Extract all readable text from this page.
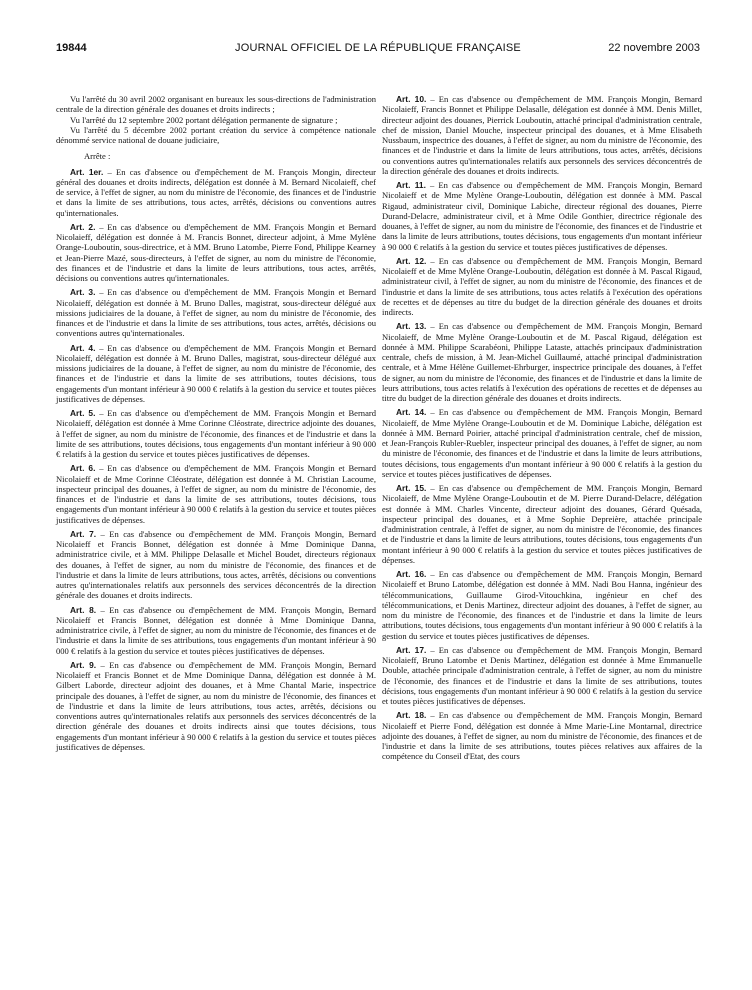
19844	JOURNAL OFFICIEL DE LA RÉPUBLIQUE FRANÇAISE	22 novembre 2003

Vu l'arrêté du 30 avril 2002 organisant en bureaux les sous-directions de l'administration centrale de la direction générale des douanes et droits indirects ;

Vu l'arrêté du 12 septembre 2002 portant délégation permanente de signature ;

Vu l'arrêté du 5 décembre 2002 portant création du service à compétence nationale dénommé service national de douane judiciaire,

Arrête :

Art. 1er. – En cas d'absence ou d'empêchement de M. François Mongin, directeur général des douanes et droits indirects, délégation est donnée à M. Bernard Nicolaieff, chef de service, à l'effet de signer, au nom du ministre de l'économie, des finances et de l'industrie et dans la limite de ses attributions, tous actes, arrêtés, décisions ou conventions autres qu'internationales.

Art. 2. – En cas d'absence ou d'empêchement de MM. François Mongin et Bernard Nicolaieff, délégation est donnée à M. Francis Bonnet, directeur adjoint, à Mme Mylène Orange-Louboutin, sous-directrice, et à MM. Bruno Latombe, Pierre Fond, Philippe Kearney et Jean-Pierre Mazé, sous-directeurs, à l'effet de signer, au nom du ministre de l'économie, des finances et de l'industrie et dans la limite de leurs attributions, tous actes, arrêtés, décisions ou conventions autres qu'internationales.

Art. 3. – En cas d'absence ou d'empêchement de MM. François Mongin et Bernard Nicolaieff, délégation est donnée à M. Bruno Dalles, magistrat, sous-directeur délégué aux missions judiciaires de la douane, à l'effet de signer, au nom du ministre de l'économie, des finances et de l'industrie et dans la limite de ses attributions, tous actes, arrêtés, décisions ou conventions autres qu'internationales.

Art. 4. – En cas d'absence ou d'empêchement de MM. François Mongin et Bernard Nicolaieff, délégation est donnée à M. Bruno Dalles, magistrat, sous-directeur délégué aux missions judiciaires de la douane, à l'effet de signer, au nom du ministre de l'économie, des finances et de l'industrie et dans la limite de ses attributions, toutes décisions, tous engagements d'un montant inférieur à 90 000 € relatifs à la gestion du service et toutes pièces justificatives de dépenses.

Art. 5. – En cas d'absence ou d'empêchement de MM. François Mongin et Bernard Nicolaieff, délégation est donnée à Mme Corinne Cléostrate, directrice adjointe des douanes, à l'effet de signer, au nom du ministre de l'économie, des finances et de l'industrie et dans la limite de ses attributions, toutes décisions, tous engagements d'un montant inférieur à 90 000 € relatifs à la gestion du service et toutes pièces justificatives de dépenses.

Art. 6. – En cas d'absence ou d'empêchement de MM. François Mongin et Bernard Nicolaieff et de Mme Corinne Cléostrate, délégation est donnée à M. Christian Lacoume, inspecteur principal des douanes, à l'effet de signer, au nom du ministre de l'économie, des finances et de l'industrie et dans la limite de ses attributions, toutes décisions, tous engagements d'un montant inférieur à 90 000 € relatifs à la gestion du service et toutes pièces justificatives de dépenses.

Art. 7. – En cas d'absence ou d'empêchement de MM. François Mongin, Bernard Nicolaieff et Francis Bonnet, délégation est donnée à Mme Dominique Danna, administratrice civile, et à MM. Philippe Delasalle et Michel Boudet, directeurs régionaux des douanes, à l'effet de signer, au nom du ministre de l'économie, des finances et de l'industrie et dans la limite de leurs attributions, tous actes, arrêtés, décisions ou conventions autres qu'internationales relatifs aux personnels des services déconcentrés de la direction générale des douanes et droits indirects.

Art. 8. – En cas d'absence ou d'empêchement de MM. François Mongin, Bernard Nicolaieff et Francis Bonnet, délégation est donnée à Mme Dominique Danna, administratrice civile, à l'effet de signer, au nom du ministre de l'économie, des finances et de l'industrie et dans la limite de ses attributions, tous engagements d'un montant inférieur à 90 000 € relatifs à la gestion du service et toutes pièces justificatives de dépenses.

Art. 9. – En cas d'absence ou d'empêchement de MM. François Mongin, Bernard Nicolaieff et Francis Bonnet et de Mme Dominique Danna, délégation est donnée à M. Gilbert Laborde, directeur adjoint des douanes, et à Mme Chantal Marie, inspectrice principale des douanes, à l'effet de signer, au nom du ministre de l'économie, des finances et de l'industrie et dans la limite de leurs attributions, tous actes, arrêtés, décisions ou conventions autres qu'internationales relatifs aux personnels des services déconcentrés de la direction générale des douanes et droits indirects ainsi que toutes décisions, tous engagements d'un montant inférieur à 90 000 € relatifs à la gestion du service et toutes pièces justificatives de dépenses.

Art. 10. – En cas d'absence ou d'empêchement de MM. François Mongin, Bernard Nicolaieff, Francis Bonnet et Philippe Delasalle, délégation est donnée à MM. Denis Millet, directeur adjoint des douanes, Pierrick Louboutin, attaché principal d'administration centrale, chef de mission, Daniel Mouche, inspecteur principal des douanes, et à Mme Elisabeth Nussbaum, inspectrice des douanes, à l'effet de signer, au nom du ministre de l'économie, des finances et de l'industrie et dans la limite de leurs attributions, tous actes, arrêtés, décisions ou conventions autres qu'internationales relatifs aux personnels des services déconcentrés de la direction générale des douanes et droits indirects.

Art. 11. – En cas d'absence ou d'empêchement de MM. François Mongin, Bernard Nicolaieff et de Mme Mylène Orange-Louboutin, délégation est donnée à MM. Pascal Rigaud, administrateur civil, Dominique Labiche, directeur régional des douanes, Pierre Durand-Delacre, administrateur civil, et à Mme Odile Gonthier, directrice régionale des douanes, à l'effet de signer, au nom du ministre de l'économie, des finances et de l'industrie et dans la limite de leurs attributions, toutes décisions, tous engagements d'un montant inférieur à 90 000 € relatifs à la gestion du service et toutes pièces justificatives de dépenses.

Art. 12. – En cas d'absence ou d'empêchement de MM. François Mongin, Bernard Nicolaieff et de Mme Mylène Orange-Louboutin, délégation est donnée à M. Pascal Rigaud, administrateur civil, à l'effet de signer, au nom du ministre de l'économie, des finances et de l'industrie et dans la limite de ses attributions, tous actes relatifs à l'exécution des opérations de recettes et de dépenses au titre du budget de la direction générale des douanes et droits indirects.

Art. 13. – En cas d'absence ou d'empêchement de MM. François Mongin, Bernard Nicolaieff, de Mme Mylène Orange-Louboutin et de M. Pascal Rigaud, délégation est donnée à MM. Philippe Scarabéoni, Philippe Lataste, attachés principaux d'administration centrale, chefs de mission, à M. Jean-Michel Guillaumé, attaché principal d'administration centrale, et à Mme Hélène Guillemet-Ehrburger, inspectrice principale des douanes, à l'effet de signer, au nom du ministre de l'économie, des finances et de l'industrie et dans la limite de leurs attributions, tous actes relatifs à l'exécution des opérations de recettes et de dépenses au titre du budget de la direction générale des douanes et droits indirects.

Art. 14. – En cas d'absence ou d'empêchement de MM. François Mongin, Bernard Nicolaieff, de Mme Mylène Orange-Louboutin et de M. Dominique Labiche, délégation est donnée à MM. Bernard Poirier, attaché principal d'administration centrale, chef de mission, et Jean-François Rubler-Ruebler, inspecteur principal des douanes, à l'effet de signer, au nom du ministre de l'économie, des finances et de l'industrie et dans la limite de leurs attributions, toutes décisions, tous engagements d'un montant inférieur à 90 000 € relatifs à la gestion du service et toutes pièces justificatives de dépenses.

Art. 15. – En cas d'absence ou d'empêchement de MM. François Mongin, Bernard Nicolaieff, de Mme Mylène Orange-Louboutin et de M. Pierre Durand-Delacre, délégation est donnée à MM. Charles Vincente, directeur adjoint des douanes, Gérard Quésada, inspecteur principal des douanes, et à Mme Sophie Depreière, attachée principale d'administration centrale, à l'effet de signer, au nom du ministre de l'économie, des finances et de l'industrie et dans la limite de leurs attributions, toutes décisions, tous engagements d'un montant inférieur à 90 000 € relatifs à la gestion du service et toutes pièces justificatives de dépenses.

Art. 16. – En cas d'absence ou d'empêchement de MM. François Mongin, Bernard Nicolaieff et Bruno Latombe, délégation est donnée à MM. Nadi Bou Hanna, ingénieur des télécommunications, Guillaume Girod-Vitouchkina, ingénieur en chef des télécommunications, et Denis Martinez, directeur adjoint des douanes, à l'effet de signer, au nom du ministre de l'économie, des finances et de l'industrie et dans la limite de leurs attributions, toutes décisions, tous engagements d'un montant inférieur à 90 000 € relatifs à la gestion du service et toutes pièces justificatives de dépenses.

Art. 17. – En cas d'absence ou d'empêchement de MM. François Mongin, Bernard Nicolaieff, Bruno Latombe et Denis Martinez, délégation est donnée à Mme Emmanuelle Double, attachée principale d'administration centrale, à l'effet de signer, au nom du ministre de l'économie, des finances et de l'industrie et dans la limite de ses attributions, toutes décisions, tous engagements d'un montant inférieur à 90 000 € relatifs à la gestion du service et toutes pièces justificatives de dépenses.

Art. 18. – En cas d'absence ou d'empêchement de MM. François Mongin, Bernard Nicolaieff et Pierre Fond, délégation est donnée à Mme Marie-Line Montarnal, directrice adjointe des douanes, à l'effet de signer, au nom du ministre de l'économie, des finances et de l'industrie et dans la limite de ses attributions, toutes pièces relatives aux affaires de la compétence du Conseil d'Etat, des cours
